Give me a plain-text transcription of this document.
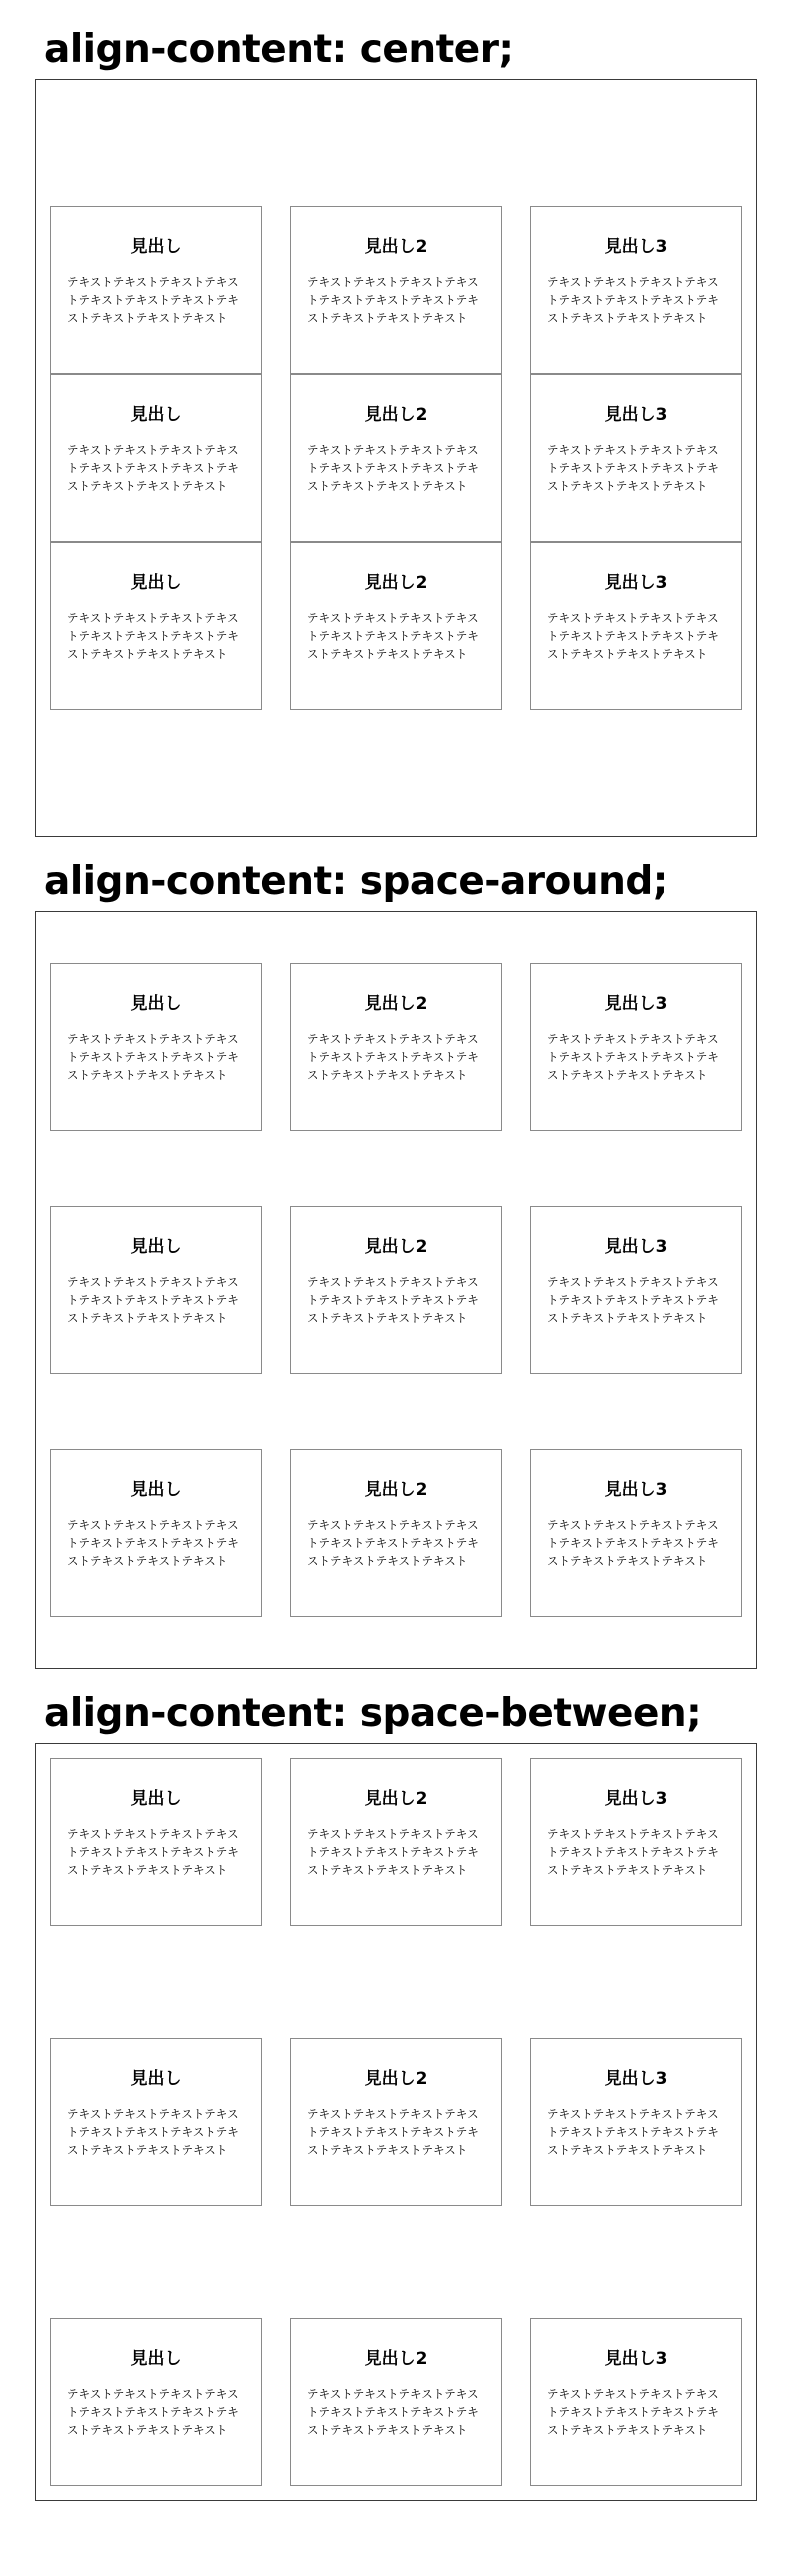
align-content: center;
見出し

テキストテキストテキストテキストテキストテキストテキストテキストテキストテキストテキスト

見出し2

テキストテキストテキストテキストテキストテキストテキストテキストテキストテキストテキスト

見出し3

テキストテキストテキストテキストテキストテキストテキストテキストテキストテキストテキスト

見出し

テキストテキストテキストテキストテキストテキストテキストテキストテキストテキストテキスト

見出し2

テキストテキストテキストテキストテキストテキストテキストテキストテキストテキストテキスト

見出し3

テキストテキストテキストテキストテキストテキストテキストテキストテキストテキストテキスト

見出し

テキストテキストテキストテキストテキストテキストテキストテキストテキストテキストテキスト

見出し2

テキストテキストテキストテキストテキストテキストテキストテキストテキストテキストテキスト

見出し3

テキストテキストテキストテキストテキストテキストテキストテキストテキストテキストテキスト

align-content: space-around;
見出し

テキストテキストテキストテキストテキストテキストテキストテキストテキストテキストテキスト

見出し2

テキストテキストテキストテキストテキストテキストテキストテキストテキストテキストテキスト

見出し3

テキストテキストテキストテキストテキストテキストテキストテキストテキストテキストテキスト

見出し

テキストテキストテキストテキストテキストテキストテキストテキストテキストテキストテキスト

見出し2

テキストテキストテキストテキストテキストテキストテキストテキストテキストテキストテキスト

見出し3

テキストテキストテキストテキストテキストテキストテキストテキストテキストテキストテキスト

見出し

テキストテキストテキストテキストテキストテキストテキストテキストテキストテキストテキスト

見出し2

テキストテキストテキストテキストテキストテキストテキストテキストテキストテキストテキスト

見出し3

テキストテキストテキストテキストテキストテキストテキストテキストテキストテキストテキスト

align-content: space-between;
見出し

テキストテキストテキストテキストテキストテキストテキストテキストテキストテキストテキスト

見出し2

テキストテキストテキストテキストテキストテキストテキストテキストテキストテキストテキスト

見出し3

テキストテキストテキストテキストテキストテキストテキストテキストテキストテキストテキスト

見出し

テキストテキストテキストテキストテキストテキストテキストテキストテキストテキストテキスト

見出し2

テキストテキストテキストテキストテキストテキストテキストテキストテキストテキストテキスト

見出し3

テキストテキストテキストテキストテキストテキストテキストテキストテキストテキストテキスト

見出し

テキストテキストテキストテキストテキストテキストテキストテキストテキストテキストテキスト

見出し2

テキストテキストテキストテキストテキストテキストテキストテキストテキストテキストテキスト

見出し3

テキストテキストテキストテキストテキストテキストテキストテキストテキストテキストテキスト
